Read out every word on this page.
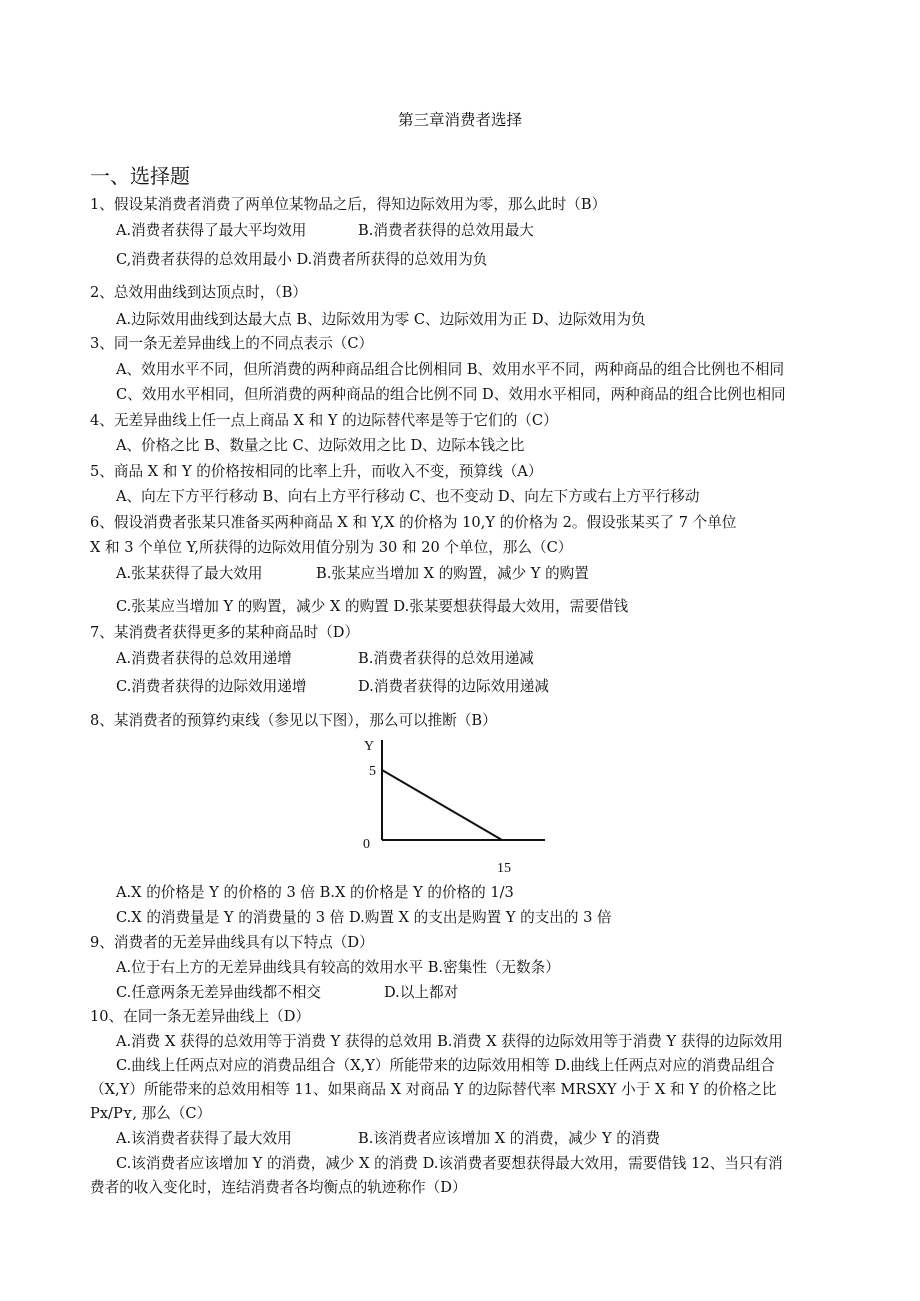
第三章消费者选择
一、选择题
1、假设某消费者消费了两单位某物品之后，得知边际效用为零，那么此时（B）
A.消费者获得了最大平均效用	B.消费者获得的总效用最大
C,消费者获得的总效用最小 D.消费者所获得的总效用为负
2、总效用曲线到达顶点时，（B）
A.边际效用曲线到达最大点 B、边际效用为零 C、边际效用为正 D、边际效用为负
3、同一条无差异曲线上的不同点表示（C）
A、效用水平不同，但所消费的两种商品组合比例相同 B、效用水平不同，两种商品的组合比例也不相同
C、效用水平相同，但所消费的两种商品的组合比例不同 D、效用水平相同，两种商品的组合比例也相同
4、无差异曲线上任一点上商品 X 和 Y 的边际替代率是等于它们的（C）
A、价格之比 B、数量之比 C、边际效用之比 D、边际本钱之比
5、商品 X 和 Y 的价格按相同的比率上升，而收入不变，预算线（A）
A、向左下方平行移动 B、向右上方平行移动 C、也不变动 D、向左下方或右上方平行移动
6、假设消费者张某只准备买两种商品 X 和 Y,X 的价格为 10,Y 的价格为 2。假设张某买了 7 个单位
X 和 3 个单位 Y,所获得的边际效用值分别为 30 和 20 个单位，那么（C）
A.张某获得了最大效用	B.张某应当增加 X 的购置，减少 Y 的购置
C.张某应当增加 Y 的购置，减少 X 的购置 D.张某要想获得最大效用，需要借钱
7、某消费者获得更多的某种商品时（D）
A.消费者获得的总效用递增	B.消费者获得的总效用递减
C.消费者获得的边际效用递增	D.消费者获得的边际效用递减
8、某消费者的预算约束线（参见以下图），那么可以推断（B）
Y
5
0
15
A.X 的价格是 Y 的价格的 3 倍 B.X 的价格是 Y 的价格的 1/3
C.X 的消费量是 Y 的消费量的 3 倍 D.购置 X 的支出是购置 Y 的支出的 3 倍
9、消费者的无差异曲线具有以下特点（D）
A.位于右上方的无差异曲线具有较高的效用水平 B.密集性（无数条）
C.任意两条无差异曲线都不相交	D.以上都对
10、在同一条无差异曲线上（D）
A.消费 X 获得的总效用等于消费 Y 获得的总效用 B.消费 X 获得的边际效用等于消费 Y 获得的边际效用
C.曲线上任两点对应的消费品组合（X,Y）所能带来的边际效用相等 D.曲线上任两点对应的消费品组合
（X,Y）所能带来的总效用相等 11、如果商品 X 对商品 Y 的边际替代率 MRSXY 小于 X 和 Y 的价格之比
Px/Pʏ, 那么（C）
A.该消费者获得了最大效用	B.该消费者应该增加 X 的消费，减少 Y 的消费
C.该消费者应该增加 Y 的消费，减少 X 的消费 D.该消费者要想获得最大效用，需要借钱 12、当只有消
费者的收入变化时，连结消费者各均衡点的轨迹称作（D）
